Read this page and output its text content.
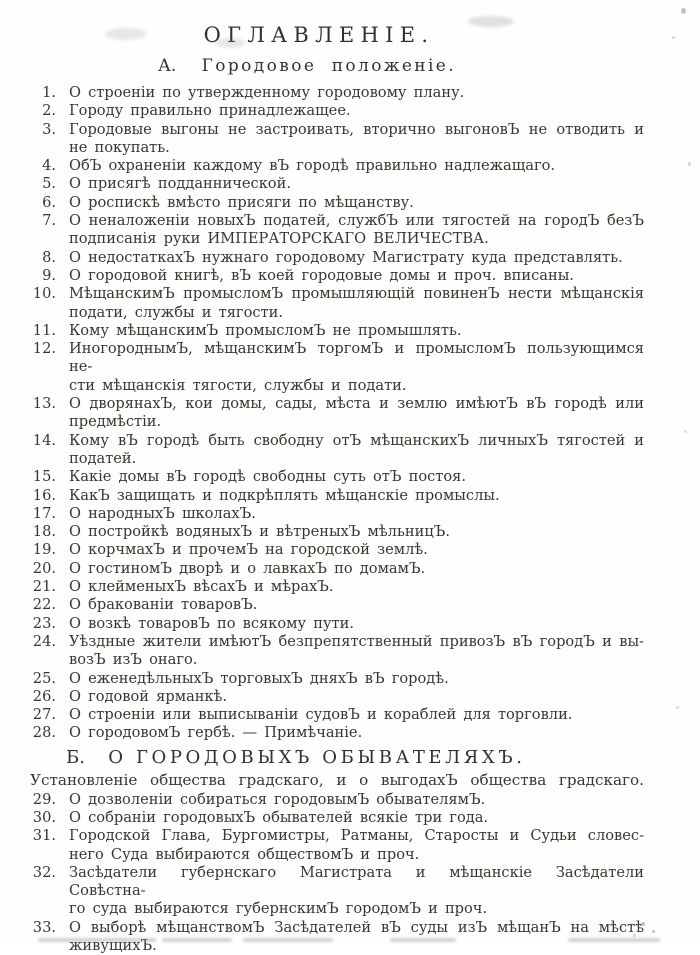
ОГЛАВЛЕНІЕ.
А. Городовое положеніе.
1. О строеніи по утвержденному городовому плану.
2. Городу правильно принадлежащее.
3. Городовые выгоны не застроивать, вторично выгоновЪ не отводить и
не покупать.
4. ОбЪ охраненіи каждому вЪ городѣ правильно надлежащаго.
5. О присягѣ подданнической.
6. О роспискѣ вмѣсто присяги по мѣщанству.
7. О неналоженіи новыхЪ податей, службЪ или тягостей на городЪ безЪ
подписанія руки ИМПЕРАТОРСКАГО ВЕЛИЧЕСТВА.
8. О недостаткахЪ нужнаго городовому Магистрату куда представлять.
9. О городовой книгѣ, вЪ коей городовые домы и проч. вписаны.
10. МѣщанскимЪ промысломЪ промышляющій повиненЪ нести мѣщанскія
подати, службы и тягости.
11. Кому мѣщанскимЪ промысломЪ не промышлять.
12. ИногороднымЪ, мѣщанскимЪ торгомЪ и промысломЪ пользующимся не-
сти мѣщанскія тягости, службы и подати.
13. О дворянахЪ, кои домы, сады, мѣста и землю имѣютЪ вЪ городѣ или
предмѣстіи.
14. Кому вЪ городѣ быть свободну отЪ мѣщанскихЪ личныхЪ тягостей и
податей.
15. Какіе домы вЪ городѣ свободны суть отЪ постоя.
16. КакЪ защищать и подкрѣплять мѣщанскіе промыслы.
17. О народныхЪ школахЪ.
18. О постройкѣ водяныхЪ и вѣтреныхЪ мѣльницЪ.
19. О корчмахЪ и прочемЪ на городской землѣ.
20. О гостиномЪ дворѣ и о лавкахЪ по домамЪ.
21. О клейменыхЪ вѣсахЪ и мѣрахЪ.
22. О бракованіи товаровЪ.
23. О возкѣ товаровЪ по всякому пути.
24. Уѣздные жители имѣютЪ безпрепятственный привозЪ вЪ городЪ и вы-
возЪ изЪ онаго.
25. О еженедѣльныхЪ торговыхЪ дняхЪ вЪ городѣ.
26. О годовой ярманкѣ.
27. О строеніи или выписываніи судовЪ и кораблей для торговли.
28. О городовомЪ гербѣ. — Примѣчаніе.
Б. О ГОРОДОВЫХЪ ОБЫВАТЕЛЯХЪ.
Установленіе общества градскаго, и о выгодахЪ общества градскаго.
29. О дозволеніи собираться городовымЪ обывателямЪ.
30. О собраніи городовыхЪ обывателей всякіе три года.
31. Городской Глава, Бургомистры, Ратманы, Старосты и Судьи словес-
него Суда выбираются обществомЪ и проч.
32. Засѣдатели губернскаго Магистрата и мѣщанскіе Засѣдатели Совѣстна-
го суда выбираются губернскимЪ городомЪ и проч.
33. О выборѣ мѣщанствомЪ Засѣдателей вЪ суды изЪ мѣщанЪ на мѣстѣ
живущихЪ.
